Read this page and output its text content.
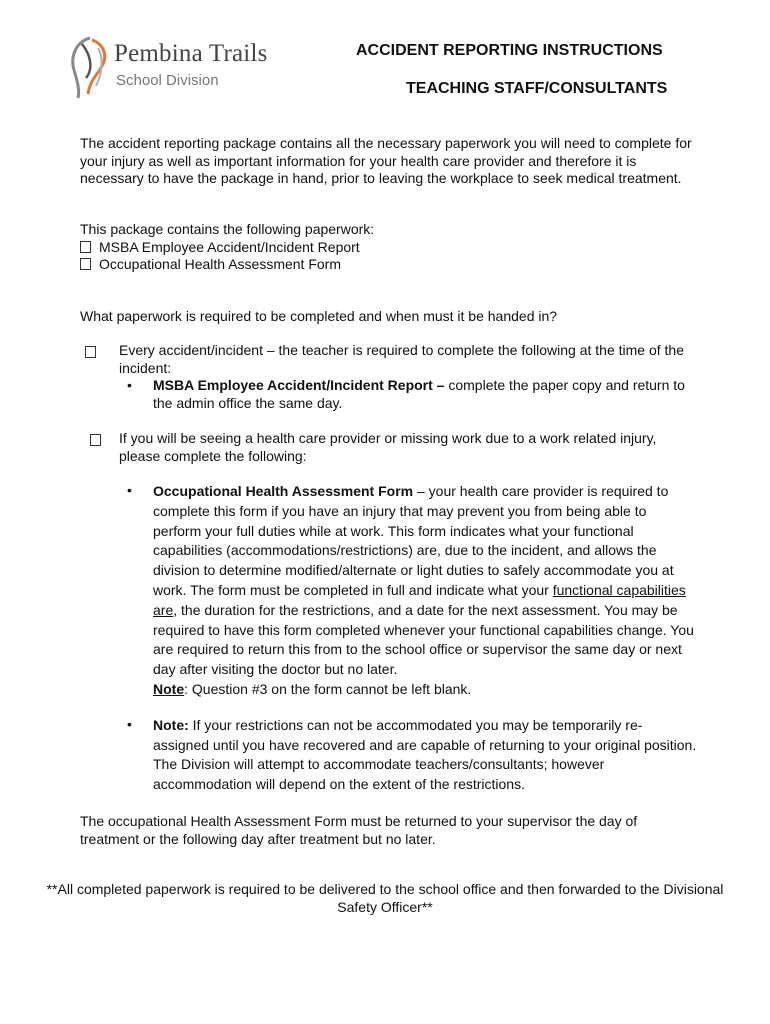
Pembina Trails
School Division
ACCIDENT REPORTING INSTRUCTIONS
TEACHING STAFF/CONSULTANTS

The accident reporting package contains all the necessary paperwork you will need to complete for your injury as well as important information for your health care provider and therefore it is necessary to have the package in hand, prior to leaving the workplace to seek medical treatment.

This package contains the following paperwork:
MSBA Employee Accident/Incident Report
Occupational Health Assessment Form

What paperwork is required to be completed and when must it be handed in?

Every accident/incident – the teacher is required to complete the following at the time of the incident:

• MSBA Employee Accident/Incident Report – complete the paper copy and return to the admin office the same day.

If you will be seeing a health care provider or missing work due to a work related injury, please complete the following:

• Occupational Health Assessment Form – your health care provider is required to complete this form if you have an injury that may prevent you from being able to perform your full duties while at work. This form indicates what your functional capabilities (accommodations/restrictions) are, due to the incident, and allows the division to determine modified/alternate or light duties to safely accommodate you at work. The form must be completed in full and indicate what your functional capabilities are, the duration for the restrictions, and a date for the next assessment. You may be required to have this form completed whenever your functional capabilities change. You are required to return this from to the school office or supervisor the same day or next day after visiting the doctor but no later.
Note: Question #3 on the form cannot be left blank.

• Note: If your restrictions can not be accommodated you may be temporarily re-assigned until you have recovered and are capable of returning to your original position. The Division will attempt to accommodate teachers/consultants; however accommodation will depend on the extent of the restrictions.

The occupational Health Assessment Form must be returned to your supervisor the day of treatment or the following day after treatment but no later.

**All completed paperwork is required to be delivered to the school office and then forwarded to the Divisional Safety Officer**
